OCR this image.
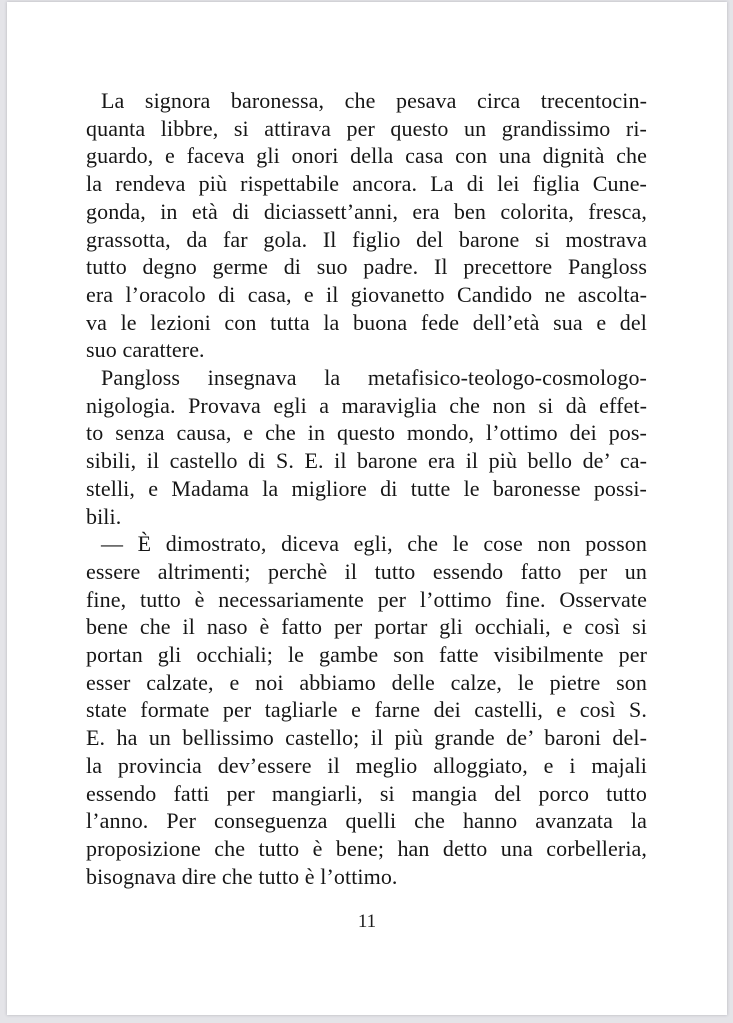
La signora baronessa, che pesava circa trecentocin-
quanta libbre, si attirava per questo un grandissimo ri-
guardo, e faceva gli onori della casa con una dignità che
la rendeva più rispettabile ancora. La di lei figlia Cune-
gonda, in età di diciassett’anni, era ben colorita, fresca,
grassotta, da far gola. Il figlio del barone si mostrava
tutto degno germe di suo padre. Il precettore Pangloss
era l’oracolo di casa, e il giovanetto Candido ne ascolta-
va le lezioni con tutta la buona fede dell’età sua e del
suo carattere.
Pangloss insegnava la metafisico-teologo-cosmologo-
nigologia. Provava egli a maraviglia che non si dà effet-
to senza causa, e che in questo mondo, l’ottimo dei pos-
sibili, il castello di S. E. il barone era il più bello de’ ca-
stelli, e Madama la migliore di tutte le baronesse possi-
bili.
— È dimostrato, diceva egli, che le cose non posson
essere altrimenti; perchè il tutto essendo fatto per un
fine, tutto è necessariamente per l’ottimo fine. Osservate
bene che il naso è fatto per portar gli occhiali, e così si
portan gli occhiali; le gambe son fatte visibilmente per
esser calzate, e noi abbiamo delle calze, le pietre son
state formate per tagliarle e farne dei castelli, e così S.
E. ha un bellissimo castello; il più grande de’ baroni del-
la provincia dev’essere il meglio alloggiato, e i majali
essendo fatti per mangiarli, si mangia del porco tutto
l’anno. Per conseguenza quelli che hanno avanzata la
proposizione che tutto è bene; han detto una corbelleria,
bisognava dire che tutto è l’ottimo.
11
